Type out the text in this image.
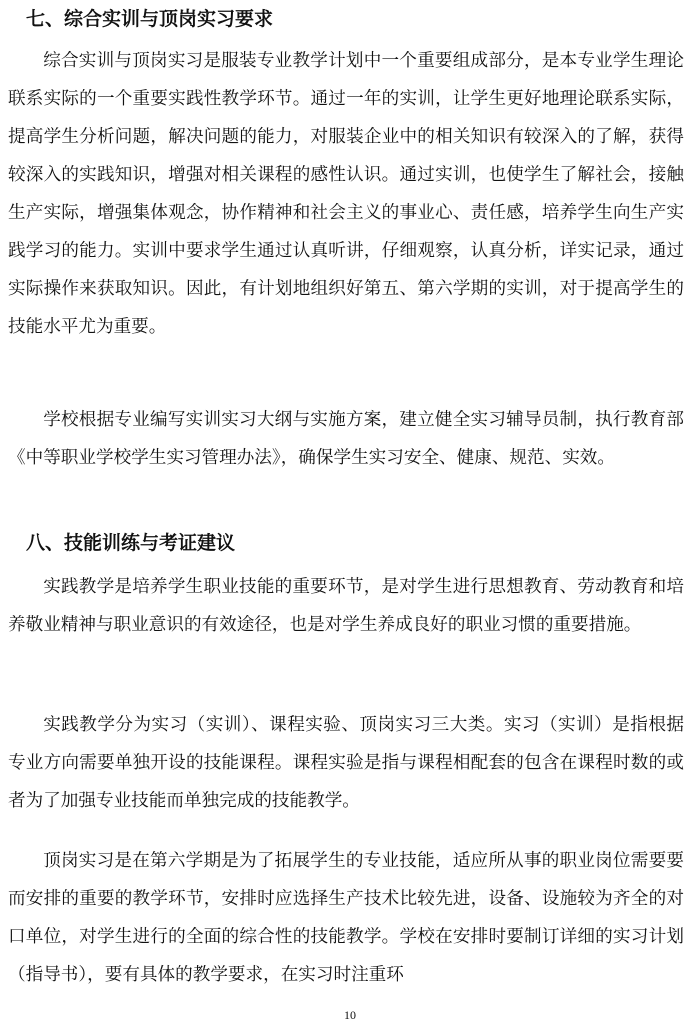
七、综合实训与顶岗实习要求

综合实训与顶岗实习是服装专业教学计划中一个重要组成部分，是本专业学生理论联系实际的一个重要实践性教学环节。通过一年的实训，让学生更好地理论联系实际，提高学生分析问题，解决问题的能力，对服装企业中的相关知识有较深入的了解，获得较深入的实践知识，增强对相关课程的感性认识。通过实训，也使学生了解社会，接触生产实际，增强集体观念，协作精神和社会主义的事业心、责任感，培养学生向生产实践学习的能力。实训中要求学生通过认真听讲，仔细观察，认真分析，详实记录，通过实际操作来获取知识。因此，有计划地组织好第五、第六学期的实训，对于提高学生的技能水平尤为重要。

学校根据专业编写实训实习大纲与实施方案，建立健全实习辅导员制，执行教育部《中等职业学校学生实习管理办法》，确保学生实习安全、健康、规范、实效。

八、技能训练与考证建议

实践教学是培养学生职业技能的重要环节，是对学生进行思想教育、劳动教育和培养敬业精神与职业意识的有效途径，也是对学生养成良好的职业习惯的重要措施。

实践教学分为实习（实训）、课程实验、顶岗实习三大类。实习（实训）是指根据专业方向需要单独开设的技能课程。课程实验是指与课程相配套的包含在课程时数的或者为了加强专业技能而单独完成的技能教学。

顶岗实习是在第六学期是为了拓展学生的专业技能，适应所从事的职业岗位需要要而安排的重要的教学环节，安排时应选择生产技术比较先进，设备、设施较为齐全的对口单位，对学生进行的全面的综合性的技能教学。学校在安排时要制订详细的实习计划（指导书），要有具体的教学要求，在实习时注重环

10
